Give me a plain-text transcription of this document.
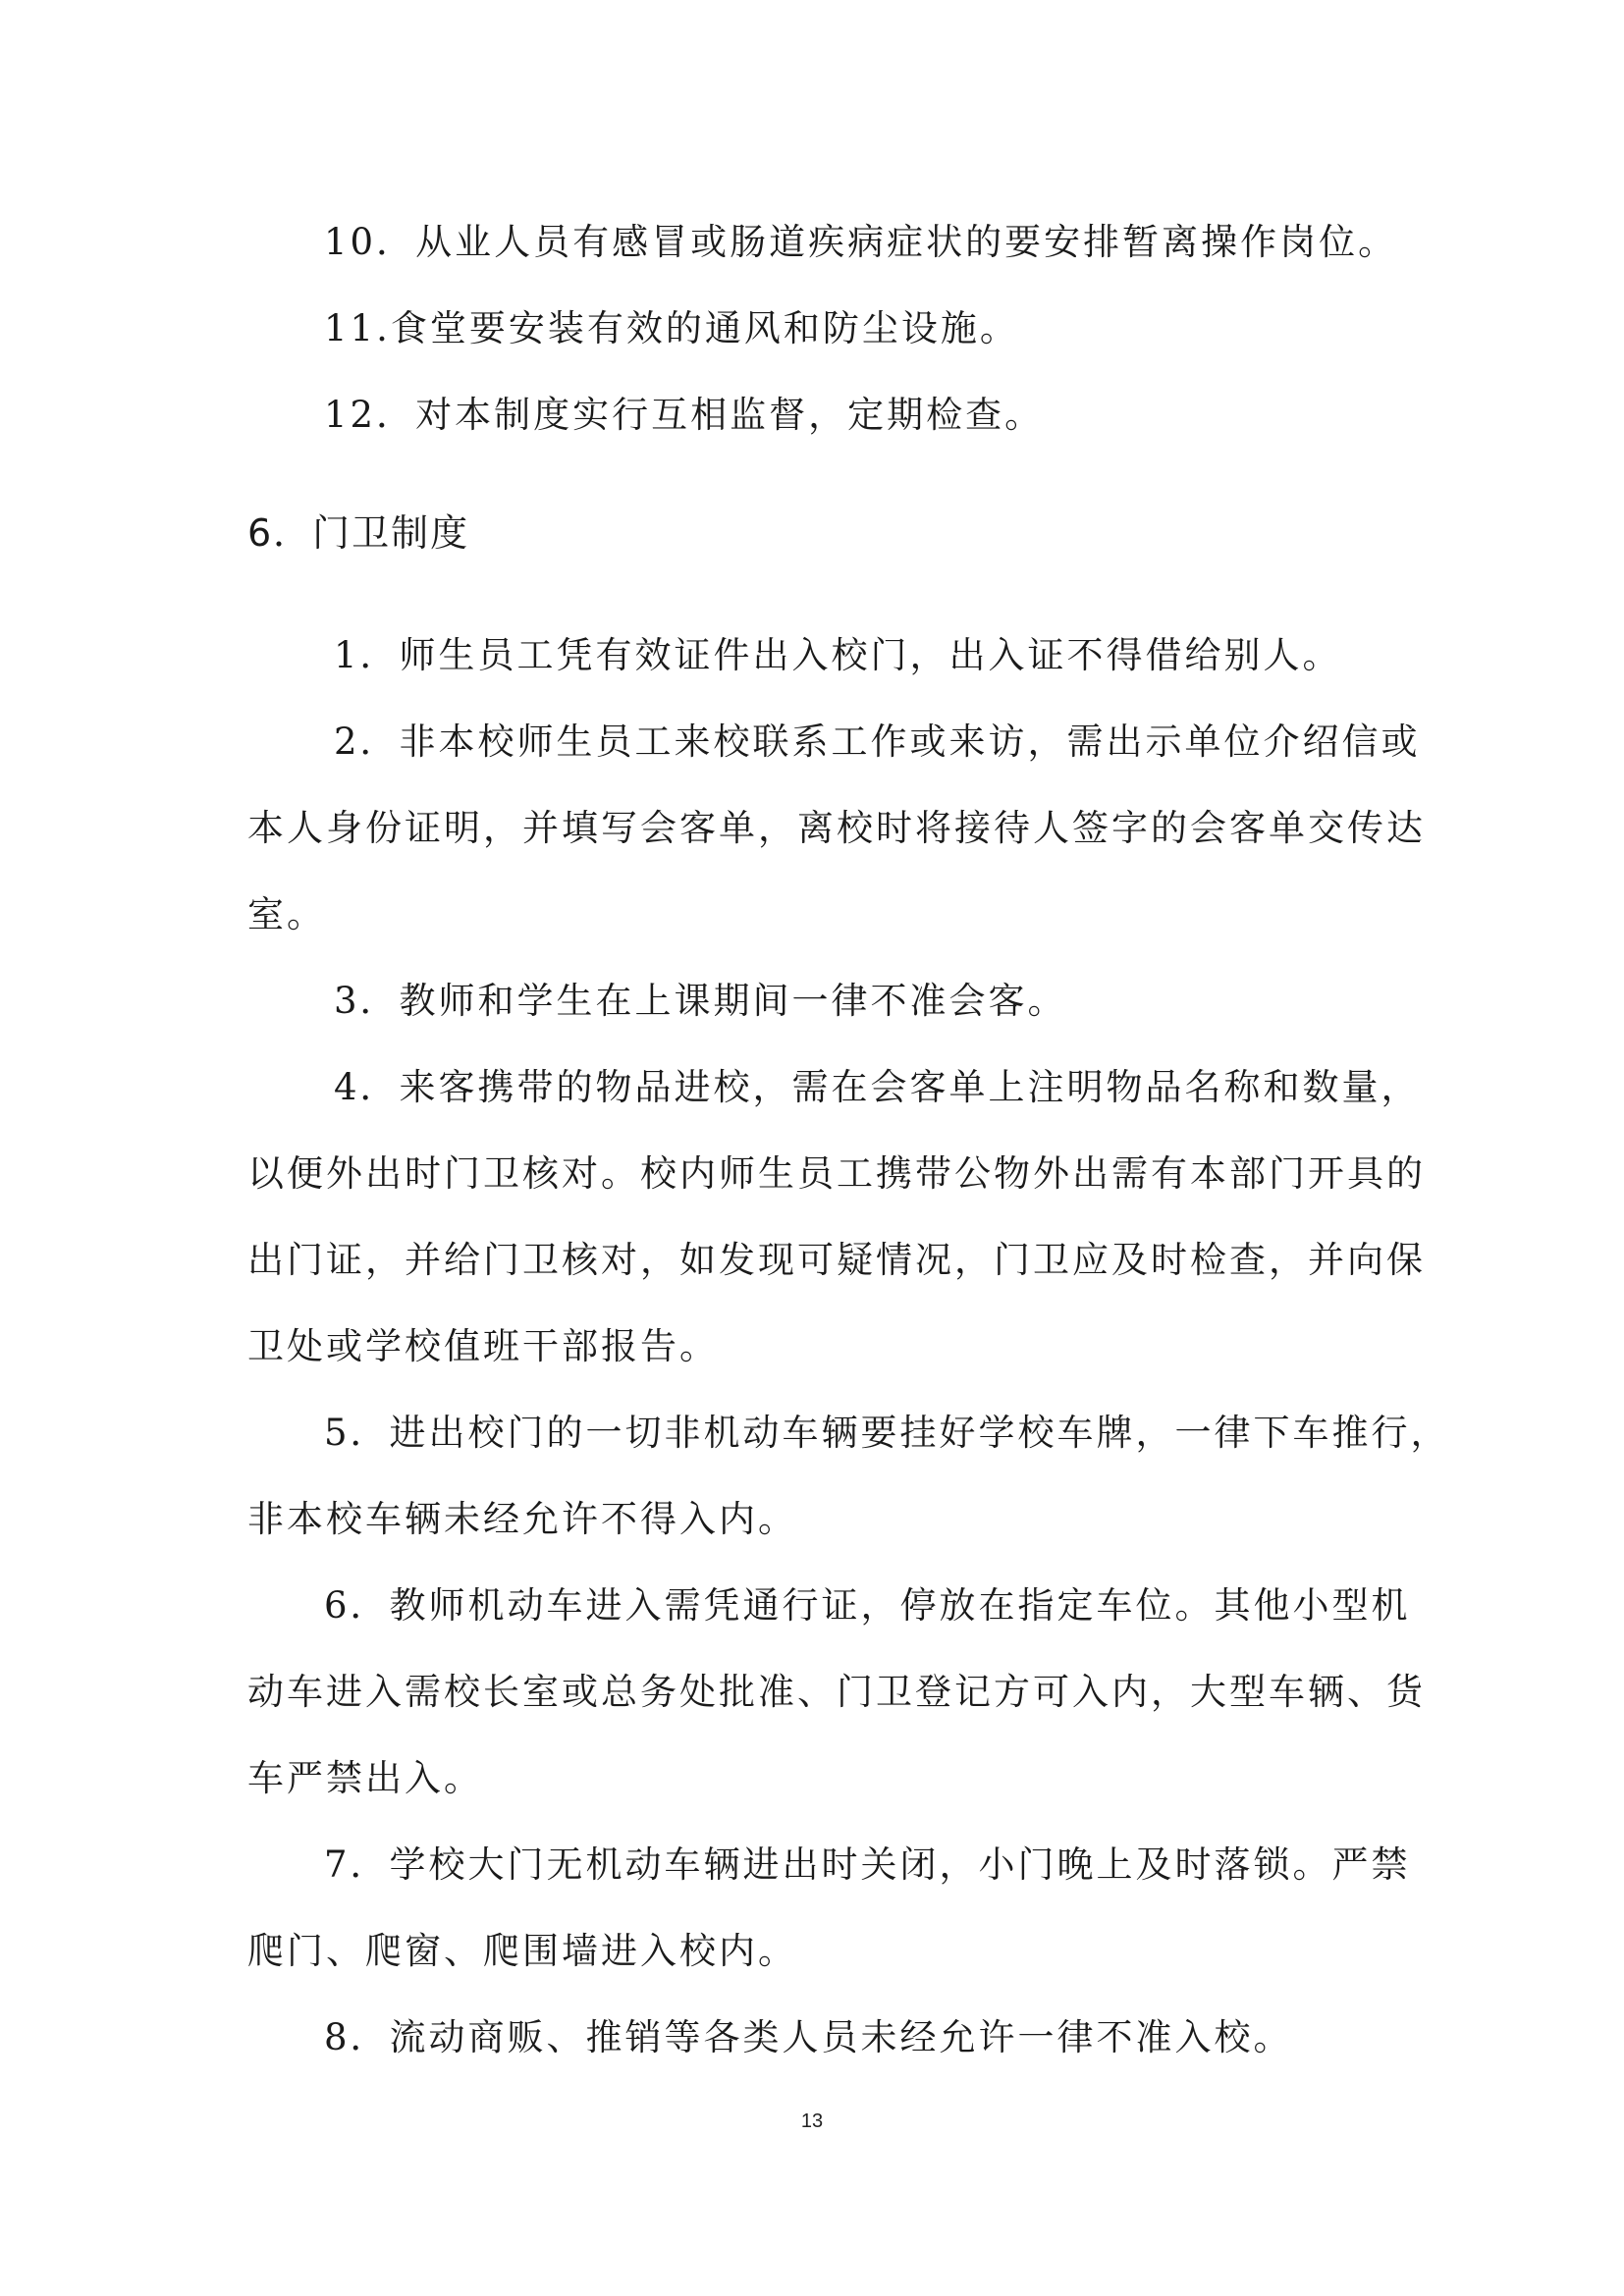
10．从业人员有感冒或肠道疾病症状的要安排暂离操作岗位。
11.食堂要安装有效的通风和防尘设施。
12．对本制度实行互相监督，定期检查。
6．门卫制度
1．师生员工凭有效证件出入校门，出入证不得借给别人。
2．非本校师生员工来校联系工作或来访，需出示单位介绍信或
本人身份证明，并填写会客单，离校时将接待人签字的会客单交传达
室。
3．教师和学生在上课期间一律不准会客。
4．来客携带的物品进校，需在会客单上注明物品名称和数量，
以便外出时门卫核对。校内师生员工携带公物外出需有本部门开具的
出门证，并给门卫核对，如发现可疑情况，门卫应及时检查，并向保
卫处或学校值班干部报告。
5．进出校门的一切非机动车辆要挂好学校车牌，一律下车推行，
非本校车辆未经允许不得入内。
6．教师机动车进入需凭通行证，停放在指定车位。其他小型机
动车进入需校长室或总务处批准、门卫登记方可入内，大型车辆、货
车严禁出入。
7．学校大门无机动车辆进出时关闭，小门晚上及时落锁。严禁
爬门、爬窗、爬围墙进入校内。
8．流动商贩、推销等各类人员未经允许一律不准入校。
13
